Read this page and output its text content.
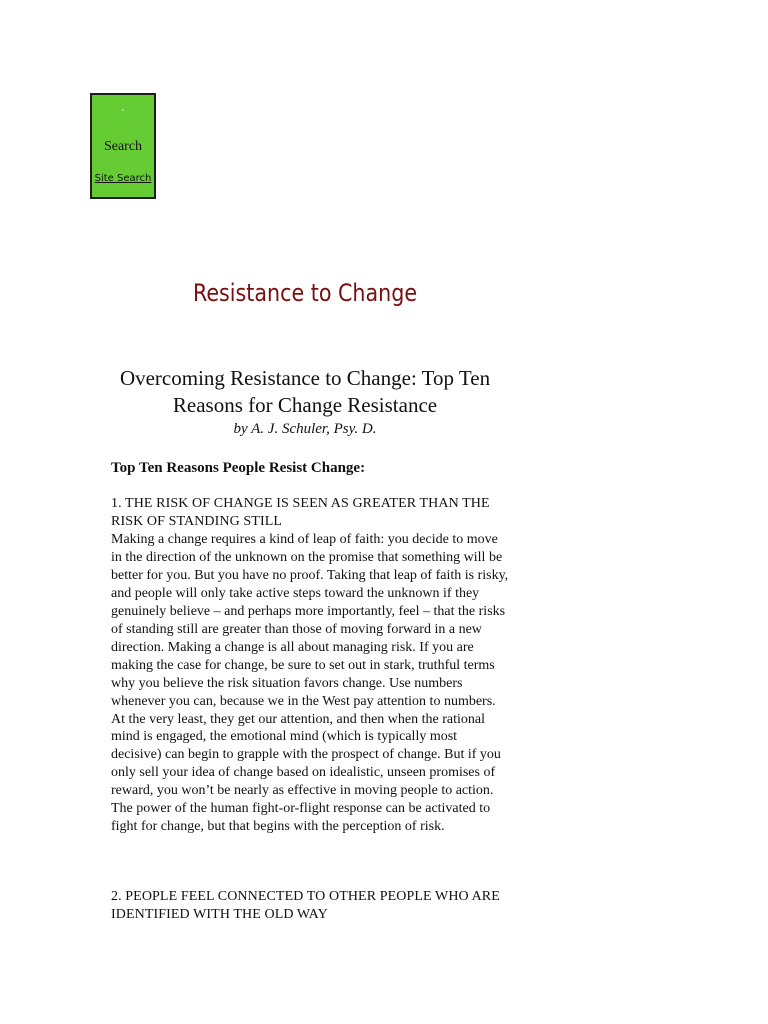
‘
Search
Site Search
Resistance to Change
Overcoming Resistance to Change: Top Ten Reasons for Change Resistance
by A. J. Schuler, Psy. D.
Top Ten Reasons People Resist Change:

1. THE RISK OF CHANGE IS SEEN AS GREATER THAN THE RISK OF STANDING STILL

Making a change requires a kind of leap of faith: you decide to move in the direction of the unknown on the promise that something will be better for you. But you have no proof. Taking that leap of faith is risky, and people will only take active steps toward the unknown if they genuinely believe – and perhaps more importantly, feel – that the risks of standing still are greater than those of moving forward in a new direction. Making a change is all about managing risk. If you are making the case for change, be sure to set out in stark, truthful terms why you believe the risk situation favors change. Use numbers whenever you can, because we in the West pay attention to numbers. At the very least, they get our attention, and then when the rational mind is engaged, the emotional mind (which is typically most decisive) can begin to grapple with the prospect of change. But if you only sell your idea of change based on idealistic, unseen promises of reward, you won’t be nearly as effective in moving people to action. The power of the human fight-or-flight response can be activated to fight for change, but that begins with the perception of risk.

2. PEOPLE FEEL CONNECTED TO OTHER PEOPLE WHO ARE IDENTIFIED WITH THE OLD WAY
